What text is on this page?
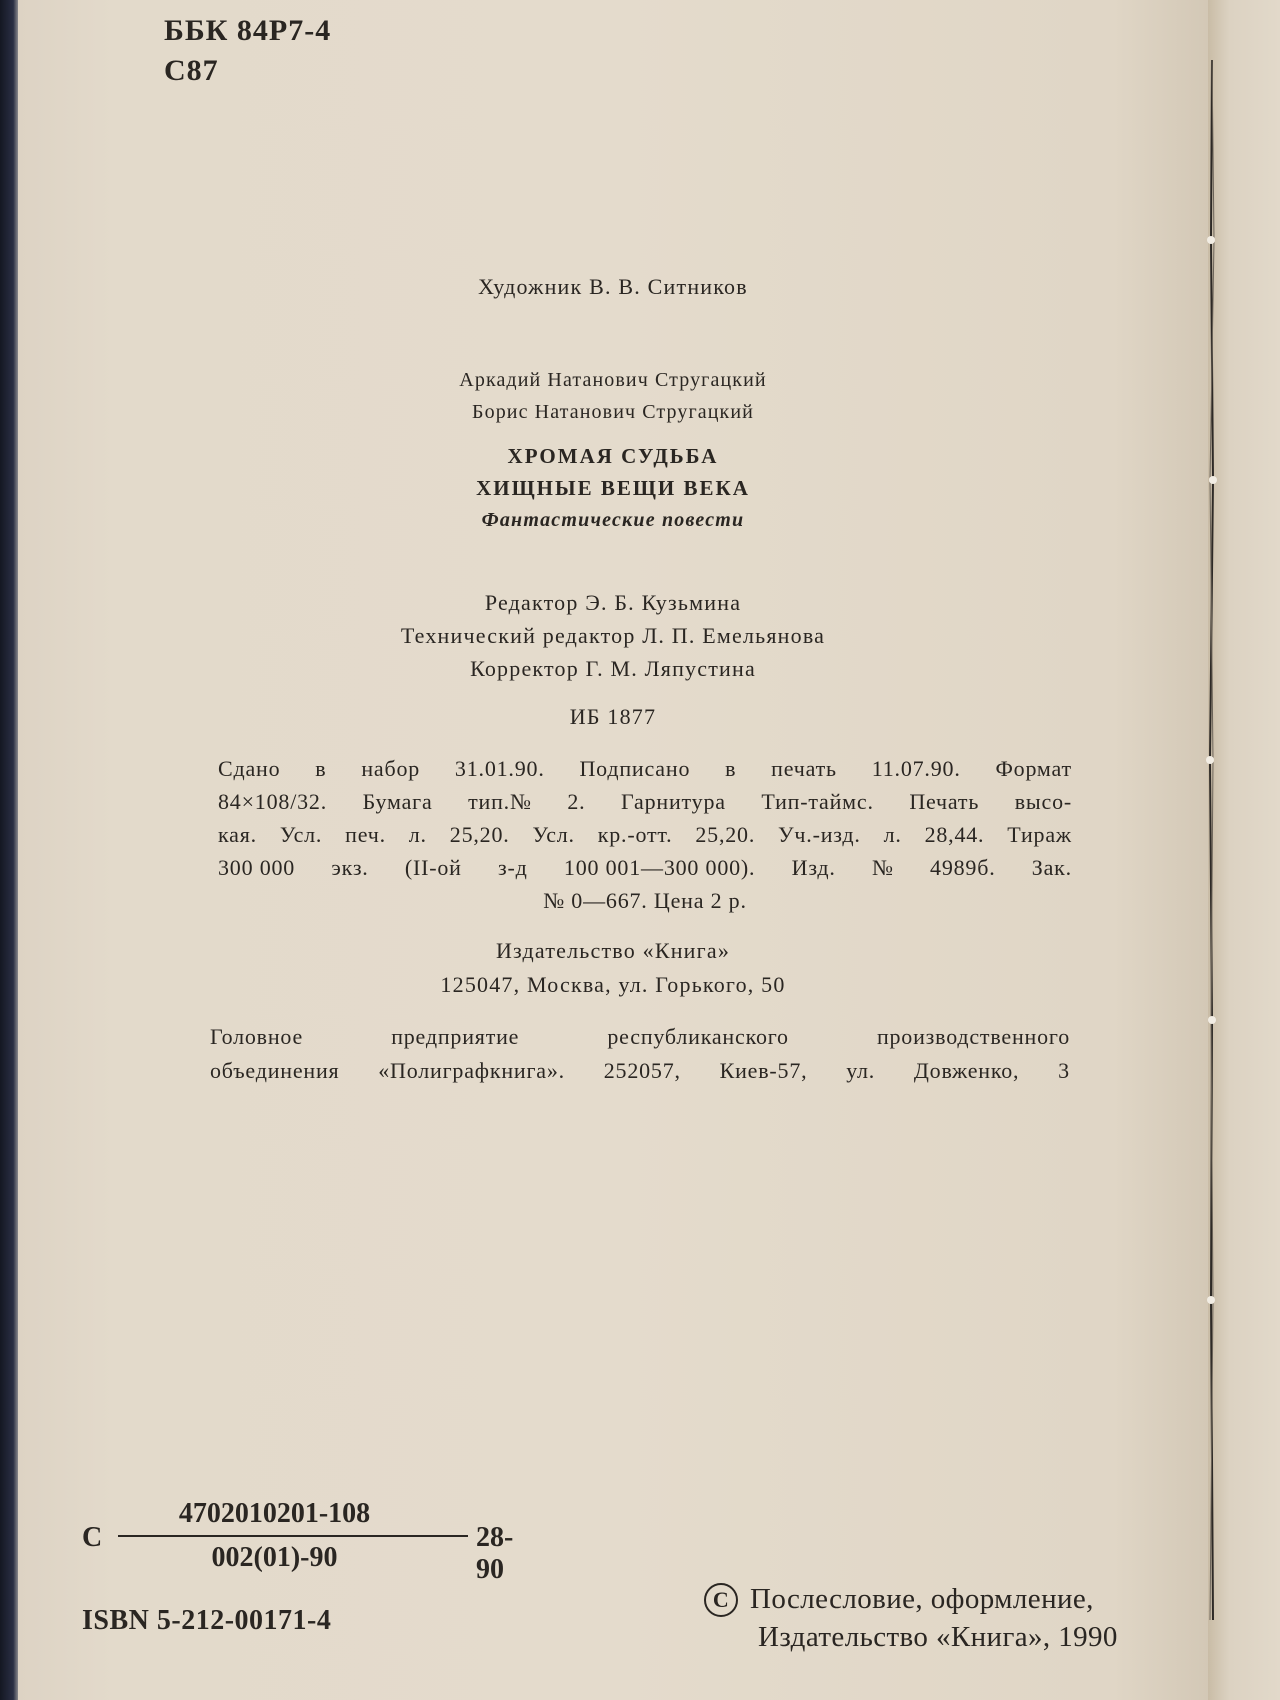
ББК 84Р7-4
С87
Художник В. В. Ситников
Аркадий Натанович Стругацкий
Борис Натанович Стругацкий
ХРОМАЯ СУДЬБА
ХИЩНЫЕ ВЕЩИ ВЕКА
Фантастические повести
Редактор Э. Б. Кузьмина
Технический редактор Л. П. Емельянова
Корректор Г. М. Ляпустина
ИБ 1877
Сдано в набор 31.01.90. Подписано в печать 11.07.90. Формат
84×108/32. Бумага тип.№ 2. Гарнитура Тип-таймс. Печать высо-
кая. Усл. печ. л. 25,20. Усл. кр.-отт. 25,20. Уч.-изд. л. 28,44. Тираж
300 000 экз. (II-ой з-д 100 001—300 000). Изд. № 4989б. Зак.
№ 0—667. Цена 2 р.
Издательство «Книга»
125047, Москва, ул. Горького, 50
Головное	предприятие	республиканского	производственного
объединения «Полиграфкнига». 252057, Киев-57, ул. Довженко, 3
С
4702010201-108
002(01)-90
28-90
ISBN 5-212-00171-4
C Послесловие, оформление,
Издательство «Книга», 1990
